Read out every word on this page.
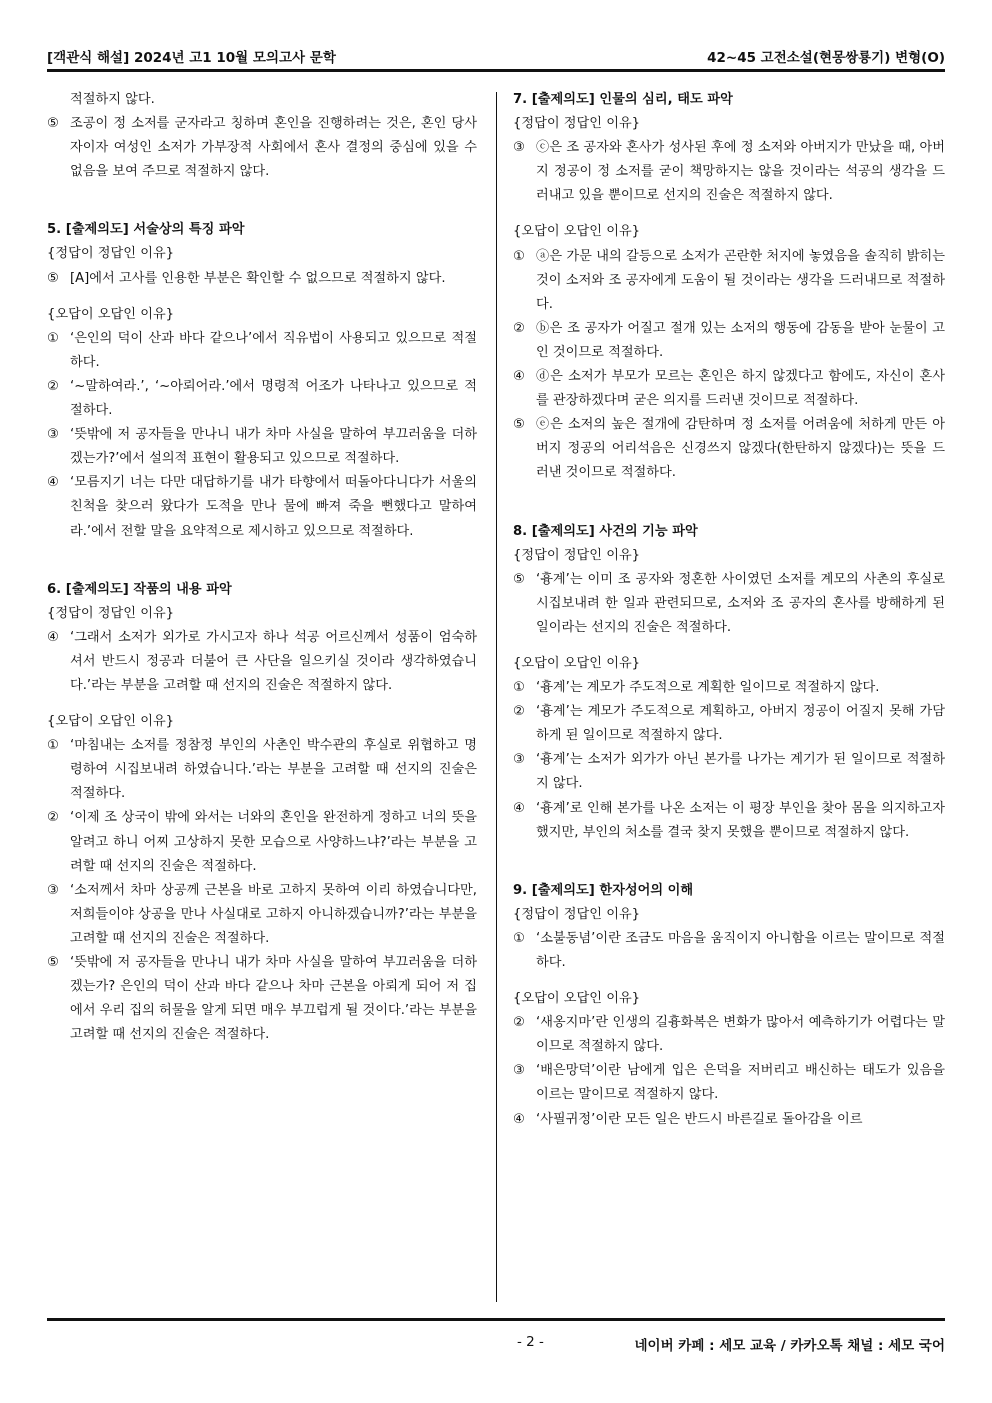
[객관식 해설] 2024년 고1 10월 모의고사 문학	42~45 고전소설(현몽쌍룡기) 변형(O)
적절하지 않다.
⑤ 조공이 정 소저를 군자라고 칭하며 혼인을 진행하려는 것은, 혼인 당사자이자 여성인 소저가 가부장적 사회에서 혼사 결정의 중심에 있을 수 없음을 보여 주므로 적절하지 않다.
5. [출제의도] 서술상의 특징 파악
{정답이 정답인 이유}
⑤ [A]에서 고사를 인용한 부분은 확인할 수 없으므로 적절하지 않다.
{오답이 오답인 이유}
① ‘은인의 덕이 산과 바다 같으나’에서 직유법이 사용되고 있으므로 적절하다.
② ‘~말하여라.’, ‘~아뢰어라.’에서 명령적 어조가 나타나고 있으므로 적절하다.
③ ‘뜻밖에 저 공자들을 만나니 내가 차마 사실을 말하여 부끄러움을 더하겠는가?’에서 설의적 표현이 활용되고 있으므로 적절하다.
④ ‘모름지기 너는 다만 대답하기를 내가 타향에서 떠돌아다니다가 서울의 친척을 찾으러 왔다가 도적을 만나 물에 빠져 죽을 뻔했다고 말하여라.’에서 전할 말을 요약적으로 제시하고 있으므로 적절하다.
6. [출제의도] 작품의 내용 파악
{정답이 정답인 이유}
④ ‘그래서 소저가 외가로 가시고자 하나 석공 어르신께서 성품이 엄숙하셔서 반드시 정공과 더불어 큰 사단을 일으키실 것이라 생각하였습니다.’라는 부분을 고려할 때 선지의 진술은 적절하지 않다.
{오답이 오답인 이유}
① ‘마침내는 소저를 정참정 부인의 사촌인 박수관의 후실로 위협하고 명령하여 시집보내려 하였습니다.’라는 부분을 고려할 때 선지의 진술은 적절하다.
② ‘이제 조 상국이 밖에 와서는 너와의 혼인을 완전하게 정하고 너의 뜻을 알려고 하니 어찌 고상하지 못한 모습으로 사양하느냐?’라는 부분을 고려할 때 선지의 진술은 적절하다.
③ ‘소저께서 차마 상공께 근본을 바로 고하지 못하여 이리 하였습니다만, 저희들이야 상공을 만나 사실대로 고하지 아니하겠습니까?’라는 부분을 고려할 때 선지의 진술은 적절하다.
⑤ ‘뜻밖에 저 공자들을 만나니 내가 차마 사실을 말하여 부끄러움을 더하겠는가? 은인의 덕이 산과 바다 같으나 차마 근본을 아뢰게 되어 저 집에서 우리 집의 허물을 알게 되면 매우 부끄럽게 될 것이다.’라는 부분을 고려할 때 선지의 진술은 적절하다.
7. [출제의도] 인물의 심리, 태도 파악
{정답이 정답인 이유}
③ ⓒ은 조 공자와 혼사가 성사된 후에 정 소저와 아버지가 만났을 때, 아버지 정공이 정 소저를 굳이 책망하지는 않을 것이라는 석공의 생각을 드러내고 있을 뿐이므로 선지의 진술은 적절하지 않다.
{오답이 오답인 이유}
① ⓐ은 가문 내의 갈등으로 소저가 곤란한 처지에 놓였음을 솔직히 밝히는 것이 소저와 조 공자에게 도움이 될 것이라는 생각을 드러내므로 적절하다.
② ⓑ은 조 공자가 어질고 절개 있는 소저의 행동에 감동을 받아 눈물이 고인 것이므로 적절하다.
④ ⓓ은 소저가 부모가 모르는 혼인은 하지 않겠다고 함에도, 자신이 혼사를 관장하겠다며 굳은 의지를 드러낸 것이므로 적절하다.
⑤ ⓔ은 소저의 높은 절개에 감탄하며 정 소저를 어려움에 처하게 만든 아버지 정공의 어리석음은 신경쓰지 않겠다(한탄하지 않겠다)는 뜻을 드러낸 것이므로 적절하다.
8. [출제의도] 사건의 기능 파악
{정답이 정답인 이유}
⑤ ‘흉계’는 이미 조 공자와 정혼한 사이였던 소저를 계모의 사촌의 후실로 시집보내려 한 일과 관련되므로, 소저와 조 공자의 혼사를 방해하게 된 일이라는 선지의 진술은 적절하다.
{오답이 오답인 이유}
① ‘흉계’는 계모가 주도적으로 계획한 일이므로 적절하지 않다.
② ‘흉계’는 계모가 주도적으로 계획하고, 아버지 정공이 어질지 못해 가담하게 된 일이므로 적절하지 않다.
③ ‘흉계’는 소저가 외가가 아닌 본가를 나가는 계기가 된 일이므로 적절하지 않다.
④ ‘흉계’로 인해 본가를 나온 소저는 이 평장 부인을 찾아 몸을 의지하고자 했지만, 부인의 처소를 결국 찾지 못했을 뿐이므로 적절하지 않다.
9. [출제의도] 한자성어의 이해
{정답이 정답인 이유}
① ‘소불동념’이란 조금도 마음을 움직이지 아니함을 이르는 말이므로 적절하다.
{오답이 오답인 이유}
② ‘새옹지마’란 인생의 길흉화복은 변화가 많아서 예측하기가 어렵다는 말이므로 적절하지 않다.
③ ‘배은망덕’이란 남에게 입은 은덕을 저버리고 배신하는 태도가 있음을 이르는 말이므로 적절하지 않다.
④ ‘사필귀정’이란 모든 일은 반드시 바른길로 돌아감을 이르
- 2 -	네이버 카페 : 세모 교육 / 카카오톡 채널 : 세모 국어
